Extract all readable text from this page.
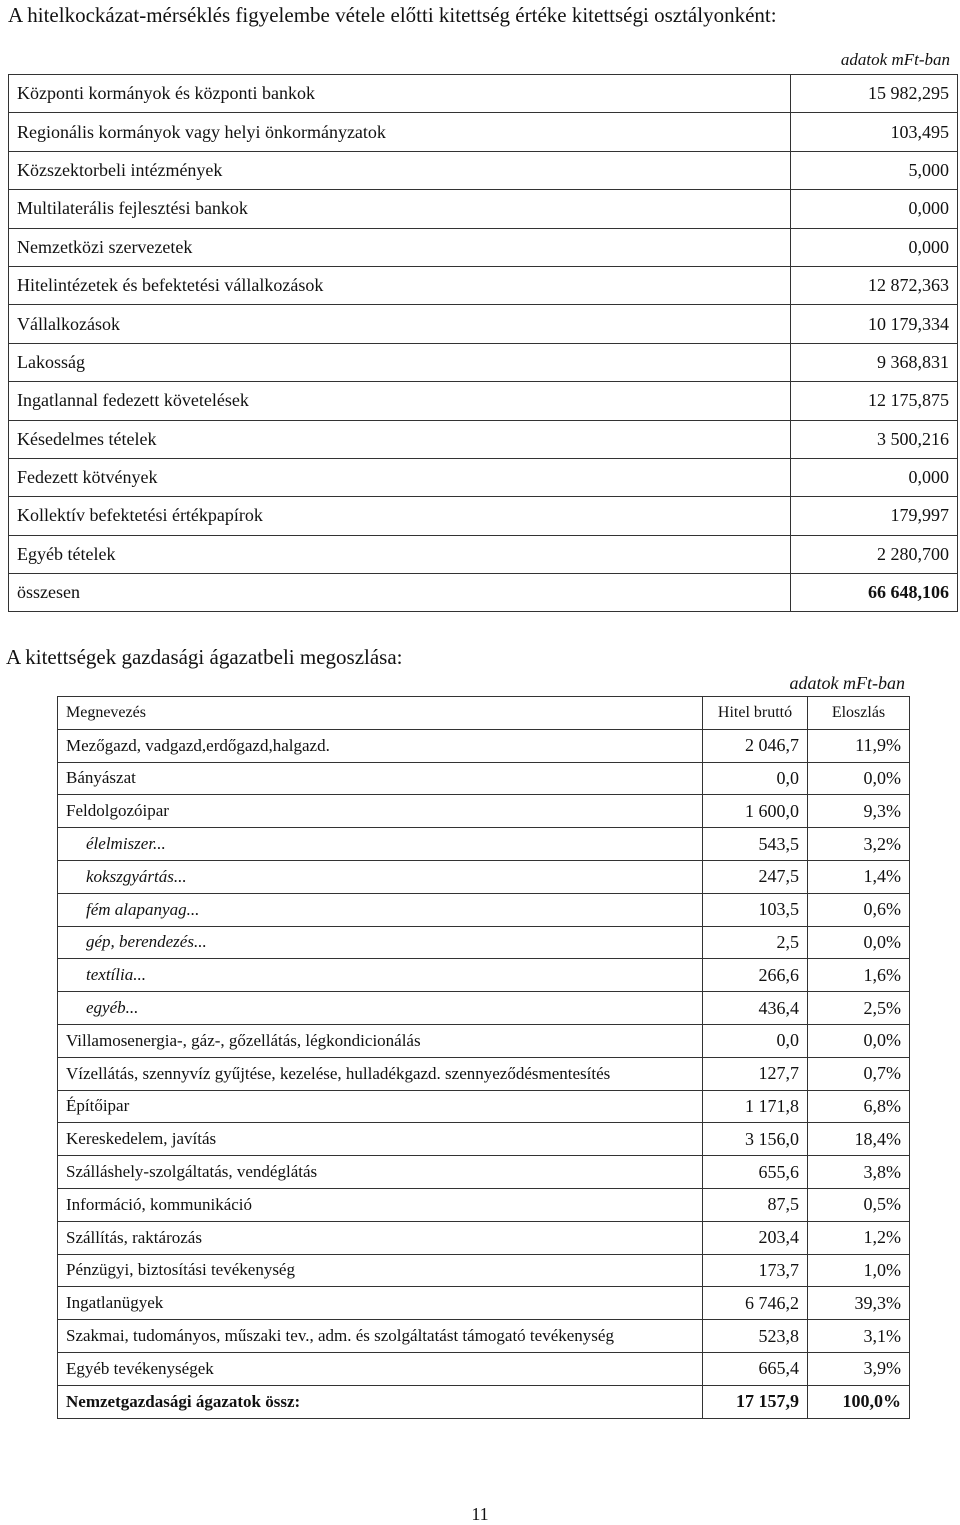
A hitelkockázat-mérséklés figyelembe vétele előtti kitettség értéke kitettségi osztályonként:
adatok mFt-ban
Központi kormányok és központi bankok	15 982,295
Regionális kormányok vagy helyi önkormányzatok	103,495
Közszektorbeli intézmények	5,000
Multilaterális fejlesztési bankok	0,000
Nemzetközi szervezetek	0,000
Hitelintézetek és befektetési vállalkozások	12 872,363
Vállalkozások	10 179,334
Lakosság	9 368,831
Ingatlannal fedezett követelések	12 175,875
Késedelmes tételek	3 500,216
Fedezett kötvények	0,000
Kollektív befektetési értékpapírok	179,997
Egyéb tételek	2 280,700
összesen	66 648,106
A kitettségek gazdasági ágazatbeli megoszlása:
adatok mFt-ban
Megnevezés	Hitel bruttó	Eloszlás
Mezőgazd, vadgazd,erdőgazd,halgazd.	2 046,7	11,9%
Bányászat	0,0	0,0%
Feldolgozóipar	1 600,0	9,3%
élelmiszer...	543,5	3,2%
kokszgyártás...	247,5	1,4%
fém alapanyag...	103,5	0,6%
gép, berendezés...	2,5	0,0%
textília...	266,6	1,6%
egyéb...	436,4	2,5%
Villamosenergia-, gáz-, gőzellátás, légkondicionálás	0,0	0,0%
Vízellátás, szennyvíz gyűjtése, kezelése, hulladékgazd. szennyeződésmentesítés	127,7	0,7%
Építőipar	1 171,8	6,8%
Kereskedelem, javítás	3 156,0	18,4%
Szálláshely-szolgáltatás, vendéglátás	655,6	3,8%
Információ, kommunikáció	87,5	0,5%
Szállítás, raktározás	203,4	1,2%
Pénzügyi, biztosítási tevékenység	173,7	1,0%
Ingatlanügyek	6 746,2	39,3%
Szakmai, tudományos, műszaki tev., adm. és szolgáltatást támogató tevékenység	523,8	3,1%
Egyéb tevékenységek	665,4	3,9%
Nemzetgazdasági ágazatok össz:	17 157,9	100,0%
11
